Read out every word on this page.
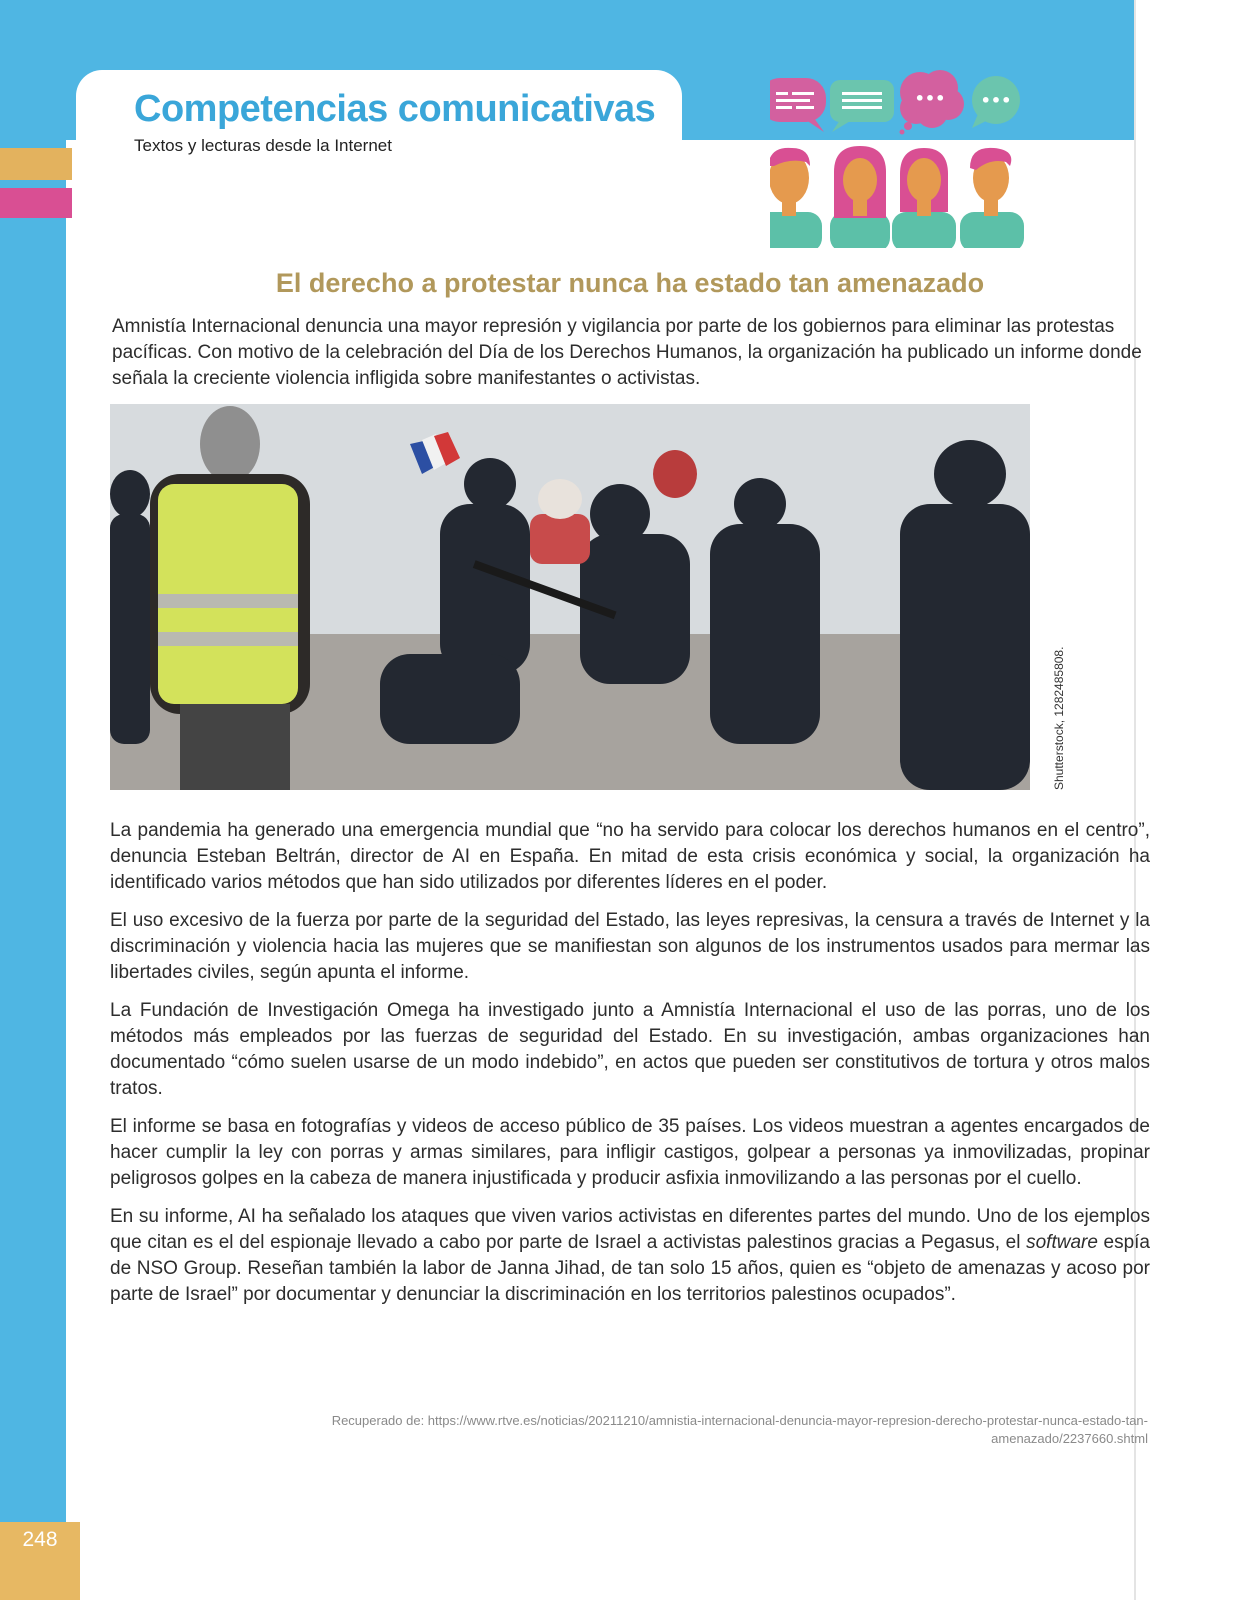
Competencias comunicativas
Textos y lecturas desde la Internet
••• •••
El derecho a protestar nunca ha estado tan amenazado
Amnistía Internacional denuncia una mayor represión y vigilancia por parte de los gobiernos para eliminar las protestas pacíficas. Con motivo de la celebración del Día de los Derechos Humanos, la organización ha publicado un informe donde señala la creciente violencia infligida sobre manifestantes o activistas.
Shutterstock, 1282485808.

La pandemia ha generado una emergencia mundial que “no ha servido para colocar los derechos humanos en el centro”, denuncia Esteban Beltrán, director de AI en España. En mitad de esta crisis económica y social, la organización ha identificado varios métodos que han sido utilizados por diferentes líderes en el poder.

El uso excesivo de la fuerza por parte de la seguridad del Estado, las leyes represivas, la censura a través de Internet y la discriminación y violencia hacia las mujeres que se manifiestan son algunos de los instrumentos usados para mermar las libertades civiles, según apunta el informe.

La Fundación de Investigación Omega ha investigado junto a Amnistía Internacional el uso de las porras, uno de los métodos más empleados por las fuerzas de seguridad del Estado. En su investigación, ambas organizaciones han documentado “cómo suelen usarse de un modo indebido”, en actos que pueden ser constitutivos de tortura y otros malos tratos.

El informe se basa en fotografías y videos de acceso público de 35 países. Los videos muestran a agentes encargados de hacer cumplir la ley con porras y armas similares, para infligir castigos, golpear a personas ya inmovilizadas, propinar peligrosos golpes en la cabeza de manera injustificada y producir asfixia inmovilizando a las personas por el cuello.

En su informe, AI ha señalado los ataques que viven varios activistas en diferentes partes del mundo. Uno de los ejemplos que citan es el del espionaje llevado a cabo por parte de Israel a activistas palestinos gracias a Pegasus, el software espía de NSO Group. Reseñan también la labor de Janna Jihad, de tan solo 15 años, quien es “objeto de amenazas y acoso por parte de Israel” por documentar y denunciar la discriminación en los territorios palestinos ocupados”.

Recuperado de: https://www.rtve.es/noticias/20211210/amnistia-internacional-denuncia-mayor-represion-derecho-protestar-nunca-estado-tan-
amenazado/2237660.shtml
248
